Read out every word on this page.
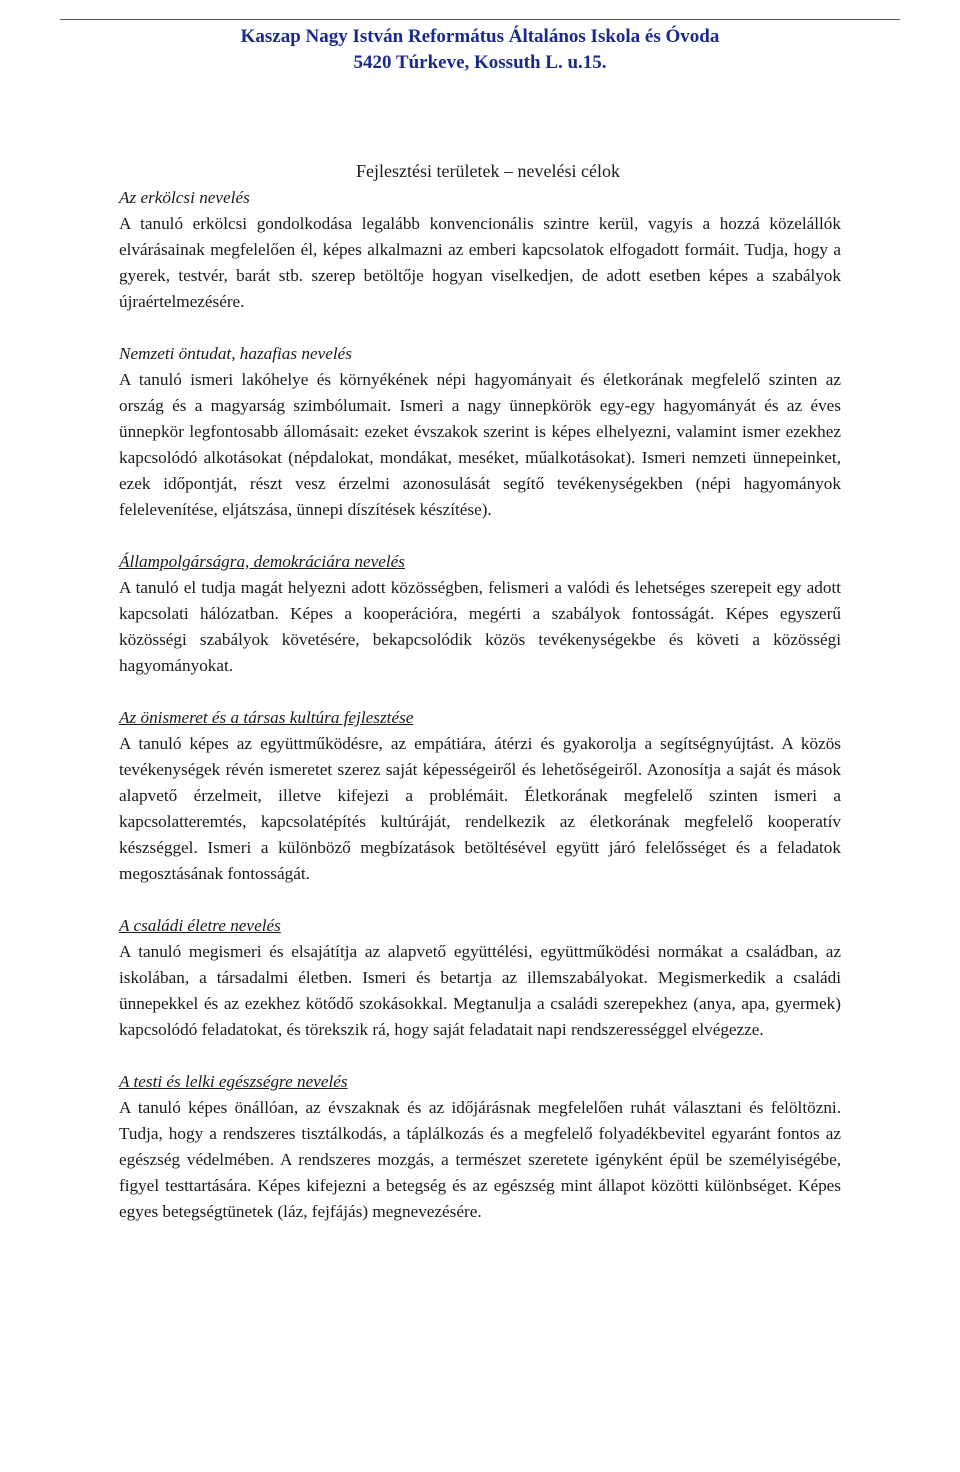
Kaszap Nagy István Református Általános Iskola és Óvoda
5420 Túrkeve, Kossuth L. u.15.
Fejlesztési területek – nevelési célok
Az erkölcsi nevelés
A tanuló erkölcsi gondolkodása legalább konvencionális szintre kerül, vagyis a hozzá közelállók elvárásainak megfelelően él, képes alkalmazni az emberi kapcsolatok elfogadott formáit. Tudja, hogy a gyerek, testvér, barát stb. szerep betöltője hogyan viselkedjen, de adott esetben képes a szabályok újraértelmezésére.
Nemzeti öntudat, hazafias nevelés
A tanuló ismeri lakóhelye és környékének népi hagyományait és életkorának megfelelő szinten az ország és a magyarság szimbólumait. Ismeri a nagy ünnepkörök egy-egy hagyományát és az éves ünnepkör legfontosabb állomásait: ezeket évszakok szerint is képes elhelyezni, valamint ismer ezekhez kapcsolódó alkotásokat (népdalokat, mondákat, meséket, műalkotásokat). Ismeri nemzeti ünnepeinket, ezek időpontját, részt vesz érzelmi azonosulását segítő tevékenységekben (népi hagyományok felelevenítése, eljátszása, ünnepi díszítések készítése).
Állampolgárságra, demokráciára nevelés
A tanuló el tudja magát helyezni adott közösségben, felismeri a valódi és lehetséges szerepeit egy adott kapcsolati hálózatban. Képes a kooperációra, megérti a szabályok fontosságát. Képes egyszerű közösségi szabályok követésére, bekapcsolódik közös tevékenységekbe és követi a közösségi hagyományokat.
Az önismeret és a társas kultúra fejlesztése
A tanuló képes az együttműködésre, az empátiára, átérzi és gyakorolja a segítségnyújtást. A közös tevékenységek révén ismeretet szerez saját képességeiről és lehetőségeiről. Azonosítja a saját és mások alapvető érzelmeit, illetve kifejezi a problémáit. Életkorának megfelelő szinten ismeri a kapcsolatteremtés, kapcsolatépítés kultúráját, rendelkezik az életkorának megfelelő kooperatív készséggel. Ismeri a különböző megbízatások betöltésével együtt járó felelősséget és a feladatok megosztásának fontosságát.
A családi életre nevelés
A tanuló megismeri és elsajátítja az alapvető együttélési, együttműködési normákat a családban, az iskolában, a társadalmi életben. Ismeri és betartja az illemszabályokat. Megismerkedik a családi ünnepekkel és az ezekhez kötődő szokásokkal. Megtanulja a családi szerepekhez (anya, apa, gyermek) kapcsolódó feladatokat, és törekszik rá, hogy saját feladatait napi rendszerességgel elvégezze.
A testi és lelki egészségre nevelés
A tanuló képes önállóan, az évszaknak és az időjárásnak megfelelően ruhát választani és felöltözni. Tudja, hogy a rendszeres tisztálkodás, a táplálkozás és a megfelelő folyadékbevitel egyaránt fontos az egészség védelmében. A rendszeres mozgás, a természet szeretete igényként épül be személyiségébe, figyel testtartására. Képes kifejezni a betegség és az egészség mint állapot közötti különbséget. Képes egyes betegségtünetek (láz, fejfájás) megnevezésére.
